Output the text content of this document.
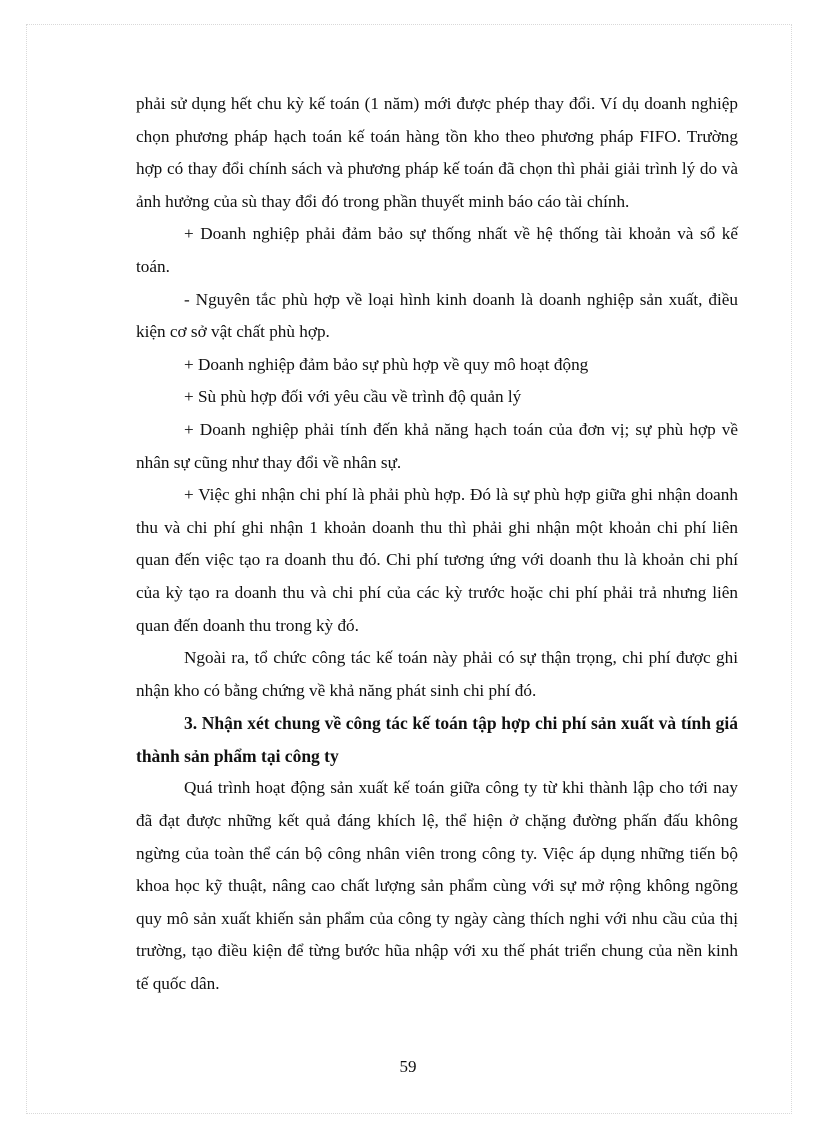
phải sử dụng hết chu kỳ kế toán (1 năm) mới được phép thay đổi. Ví dụ doanh nghiệp chọn phương pháp hạch toán kế toán hàng tồn kho theo phương pháp FIFO. Trường hợp có thay đổi chính sách và phương pháp kế toán đã chọn thì phải giải trình lý do và ảnh hưởng của sù thay đổi đó trong phần thuyết minh báo cáo tài chính.

+ Doanh nghiệp phải đảm bảo sự thống nhất về hệ thống tài khoản và sổ kế toán.

- Nguyên tắc phù hợp về loại hình kinh doanh là doanh nghiệp sản xuất, điều kiện cơ sở vật chất phù hợp.

+ Doanh nghiệp đảm bảo sự phù hợp về quy mô hoạt động

+ Sù phù hợp đối với yêu cầu về trình độ quản lý

+ Doanh nghiệp phải tính đến khả năng hạch toán của đơn vị; sự phù hợp về nhân sự cũng như thay đổi về nhân sự.

+ Việc ghi nhận chi phí là phải phù hợp. Đó là sự phù hợp giữa ghi nhận doanh thu và chi phí ghi nhận 1 khoản doanh thu thì phải ghi nhận một khoản chi phí liên quan đến việc tạo ra doanh thu đó. Chi phí tương ứng với doanh thu là khoản chi phí của kỳ tạo ra doanh thu và chi phí của các kỳ trước hoặc chi phí phải trả nhưng liên quan đến doanh thu trong kỳ đó.

Ngoài ra, tổ chức công tác kế toán này phải có sự thận trọng, chi phí được ghi nhận kho có bằng chứng về khả năng phát sinh chi phí đó.

3. Nhận xét chung về công tác kế toán tập hợp chi phí sản xuất và tính giá thành sản phẩm tại công ty

Quá trình hoạt động sản xuất kế toán giữa công ty từ khi thành lập cho tới nay đã đạt được những kết quả đáng khích lệ, thể hiện ở chặng đường phấn đấu không ngừng của toàn thể cán bộ công nhân viên trong công ty. Việc áp dụng những tiến bộ khoa học kỹ thuật, nâng cao chất lượng sản phẩm cùng với sự mở rộng không ngõng quy mô sản xuất khiến sản phẩm của công ty ngày càng thích nghi với nhu cầu của thị trường, tạo điều kiện để từng bước hũa nhập với xu thế phát triển chung của nền kinh tế quốc dân.

59
